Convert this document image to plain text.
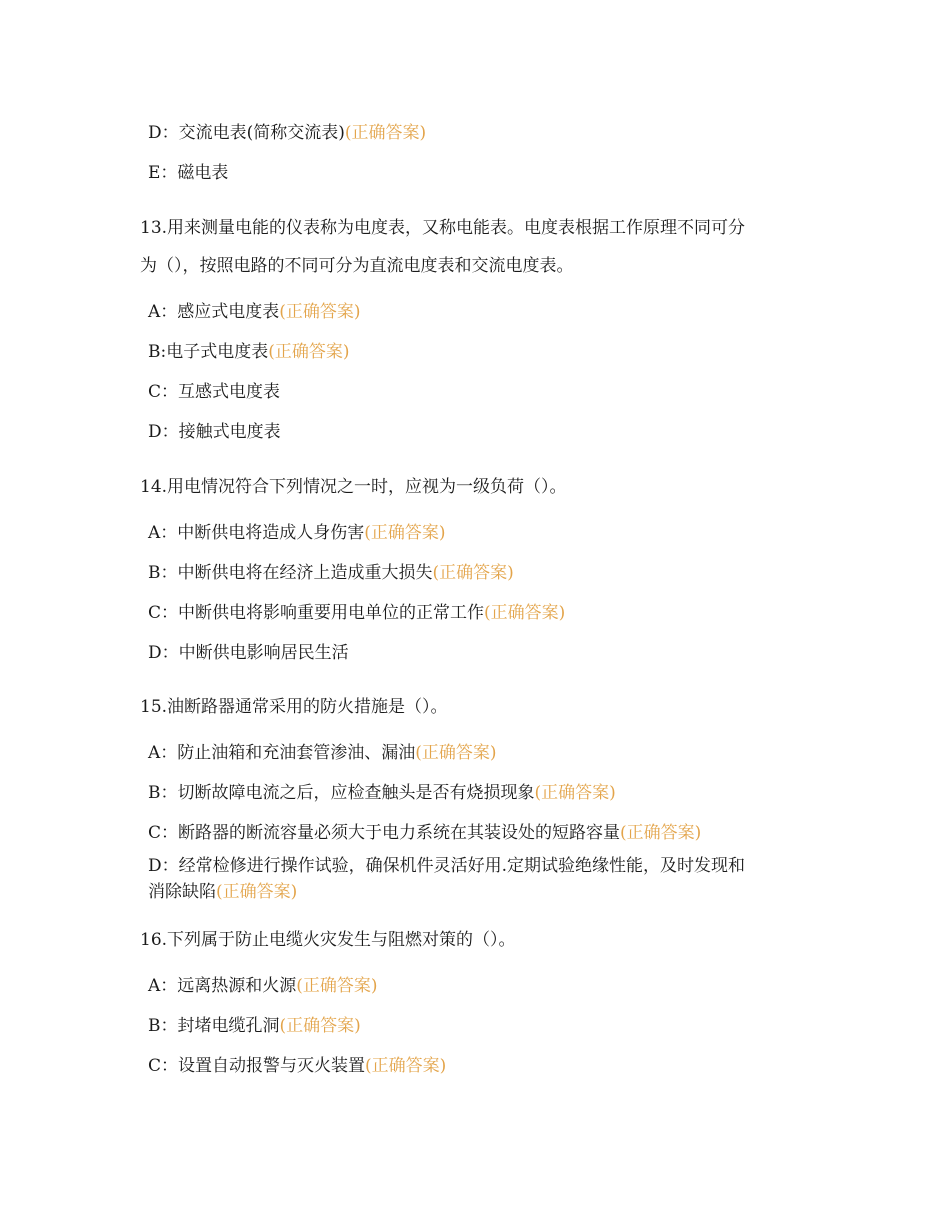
D：交流电表(简称交流表)(正确答案)
E：磁电表
13.用来测量电能的仪表称为电度表，又称电能表。电度表根据工作原理不同可分
为（），按照电路的不同可分为直流电度表和交流电度表。
A：感应式电度表(正确答案)
B:电子式电度表(正确答案)
C：互感式电度表
D：接触式电度表
14.用电情况符合下列情况之一时，应视为一级负荷（）。
A：中断供电将造成人身伤害(正确答案)
B：中断供电将在经济上造成重大损失(正确答案)
C：中断供电将影响重要用电单位的正常工作(正确答案)
D：中断供电影响居民生活
15.油断路器通常采用的防火措施是（）。
A：防止油箱和充油套管渗油、漏油(正确答案)
B：切断故障电流之后，应检查触头是否有烧损现象(正确答案)
C：断路器的断流容量必须大于电力系统在其装设处的短路容量(正确答案)
D：经常检修进行操作试验，确保机件灵活好用.定期试验绝缘性能，及时发现和
消除缺陷(正确答案)
16.下列属于防止电缆火灾发生与阻燃对策的（）。
A：远离热源和火源(正确答案)
B：封堵电缆孔洞(正确答案)
C：设置自动报警与灭火装置(正确答案)
